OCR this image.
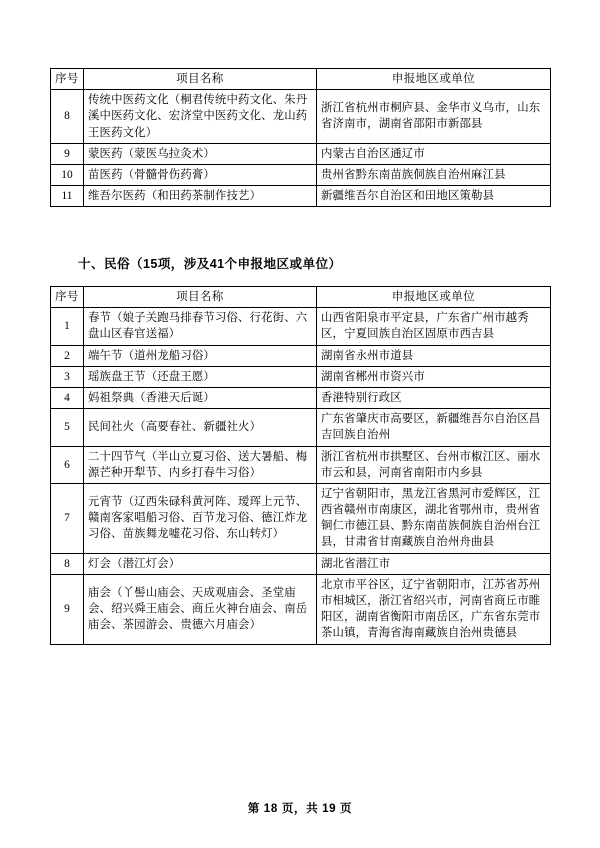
序号	项目名称	申报地区或单位
8	传统中医药文化（桐君传统中药文化、朱丹溪中医药文化、宏济堂中医药文化、龙山药王医药文化）	浙江省杭州市桐庐县、金华市义乌市，山东省济南市，湖南省邵阳市新邵县
9	蒙医药（蒙医乌拉灸术）	内蒙古自治区通辽市
10	苗医药（骨髓骨伤药膏）	贵州省黔东南苗族侗族自治州麻江县
11	维吾尔医药（和田药茶制作技艺）	新疆维吾尔自治区和田地区策勒县
十、民俗（15项，涉及41个申报地区或单位）
序号	项目名称	申报地区或单位
1	春节（娘子关跑马排春节习俗、行花街、六盘山区春官送福）	山西省阳泉市平定县，广东省广州市越秀区，宁夏回族自治区固原市西吉县
2	端午节（道州龙船习俗）	湖南省永州市道县
3	瑶族盘王节（还盘王愿）	湖南省郴州市资兴市
4	妈祖祭典（香港天后诞）	香港特别行政区
5	民间社火（高要春社、新疆社火）	广东省肇庆市高要区，新疆维吾尔自治区昌吉回族自治州
6	二十四节气（半山立夏习俗、送大暑船、梅源芒种开犁节、内乡打春牛习俗）	浙江省杭州市拱墅区、台州市椒江区、丽水市云和县，河南省南阳市内乡县
7	元宵节（辽西朱碌科黄河阵、瑷珲上元节、赣南客家唱船习俗、百节龙习俗、德江炸龙习俗、苗族舞龙嘘花习俗、东山转灯）	辽宁省朝阳市，黑龙江省黑河市爱辉区，江西省赣州市南康区，湖北省鄂州市，贵州省铜仁市德江县、黔东南苗族侗族自治州台江县，甘肃省甘南藏族自治州舟曲县
8	灯会（潜江灯会）	湖北省潜江市
9	庙会（丫髻山庙会、天成观庙会、圣堂庙会、绍兴舜王庙会、商丘火神台庙会、南岳庙会、茶园游会、贵德六月庙会）	北京市平谷区，辽宁省朝阳市，江苏省苏州市相城区，浙江省绍兴市，河南省商丘市睢阳区，湖南省衡阳市南岳区，广东省东莞市茶山镇，青海省海南藏族自治州贵德县
第 18 页，共 19 页
